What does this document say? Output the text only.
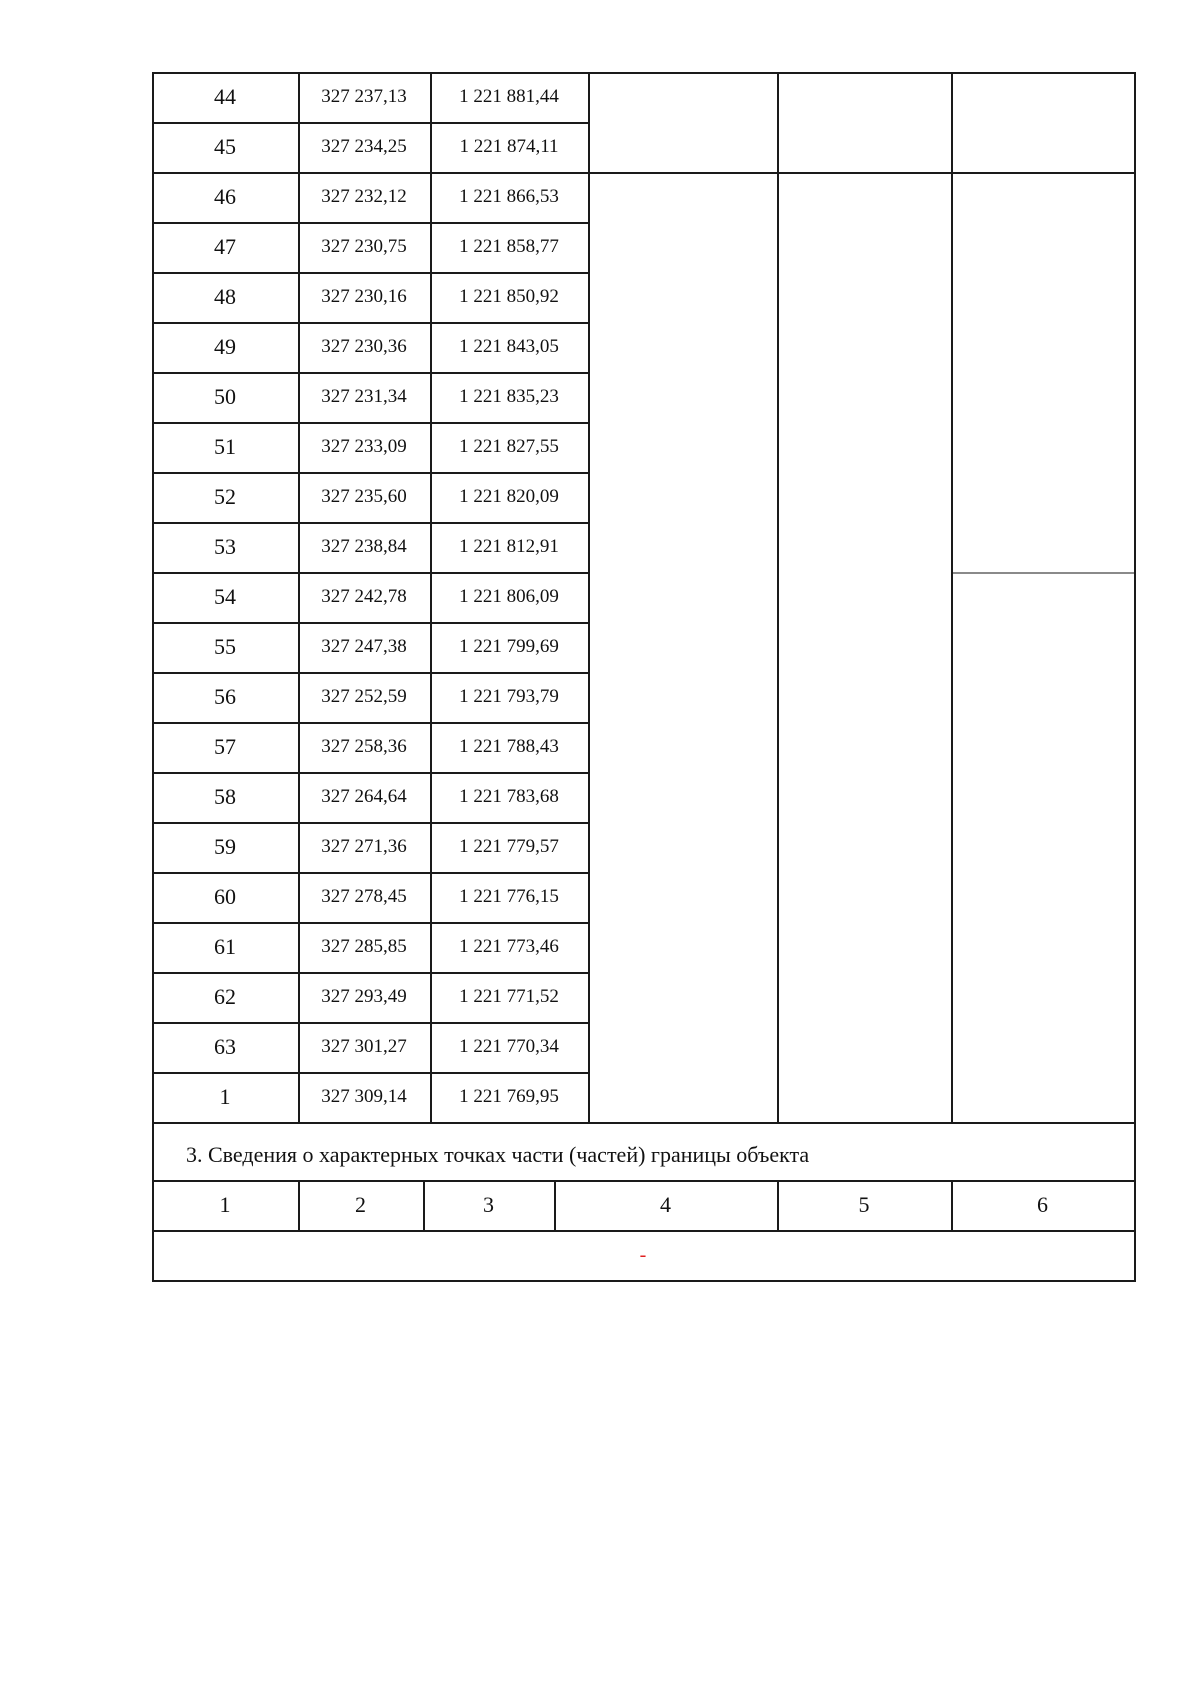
44	327 237,13	1 221 881,44
45	327 234,25	1 221 874,11
46	327 232,12	1 221 866,53
47	327 230,75	1 221 858,77
48	327 230,16	1 221 850,92
49	327 230,36	1 221 843,05
50	327 231,34	1 221 835,23
51	327 233,09	1 221 827,55
52	327 235,60	1 221 820,09
53	327 238,84	1 221 812,91
54	327 242,78	1 221 806,09
55	327 247,38	1 221 799,69
56	327 252,59	1 221 793,79
57	327 258,36	1 221 788,43
58	327 264,64	1 221 783,68
59	327 271,36	1 221 779,57
60	327 278,45	1 221 776,15
61	327 285,85	1 221 773,46
62	327 293,49	1 221 771,52
63	327 301,27	1 221 770,34
1	327 309,14	1 221 769,95
3. Сведения о характерных точках части (частей) границы объекта
1	2	3	4	5	6
-
